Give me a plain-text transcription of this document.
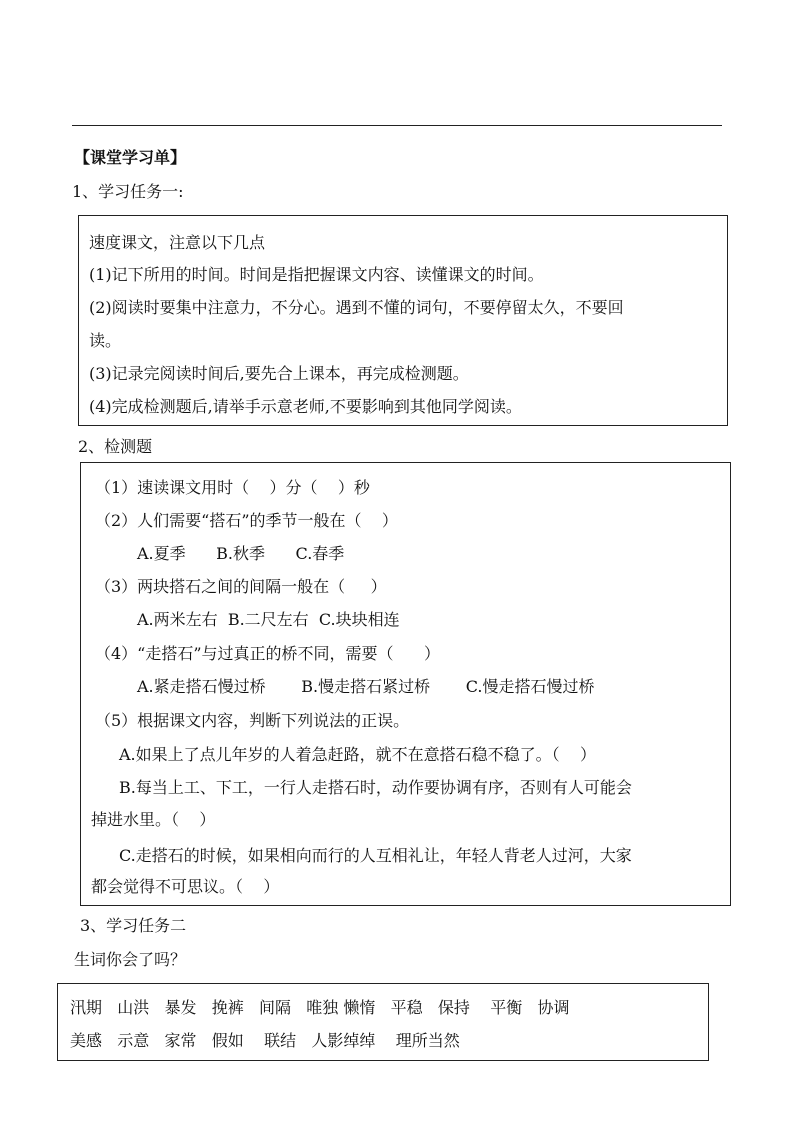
【课堂学习单】
1、学习任务一:
速度课文，注意以下几点
(1)记下所用的时间。时间是指把握课文内容、读懂课文的时间。
(2)阅读时要集中注意力，不分心。遇到不懂的词句，不要停留太久，不要回
读。
(3)记录完阅读时间后,要先合上课本，再完成检测题。
(4)完成检测题后,请举手示意老师,不要影响到其他同学阅读。
2、检测题
（1）速读课文用时（    ）分（    ）秒
（2）人们需要“搭石”的季节一般在（    ）
A.夏季      B.秋季      C.春季
（3）两块搭石之间的间隔一般在（     ）
A.两米左右  B.二尺左右  C.块块相连
（4）“走搭石”与过真正的桥不同，需要（      ）
A.紧走搭石慢过桥       B.慢走搭石紧过桥       C.慢走搭石慢过桥
（5）根据课文内容，判断下列说法的正误。
A.如果上了点儿年岁的人着急赶路，就不在意搭石稳不稳了。（    ）
B.每当上工、下工，一行人走搭石时，动作要协调有序，否则有人可能会
掉进水里。（    ）
C.走搭石的时候，如果相向而行的人互相礼让，年轻人背老人过河，大家
都会觉得不可思议。（    ）
3、学习任务二
生词你会了吗？
汛期   山洪   暴发   挽裤   间隔   唯独 懒惰   平稳   保持    平衡   协调
美感   示意   家常   假如    联结   人影绰绰    理所当然
